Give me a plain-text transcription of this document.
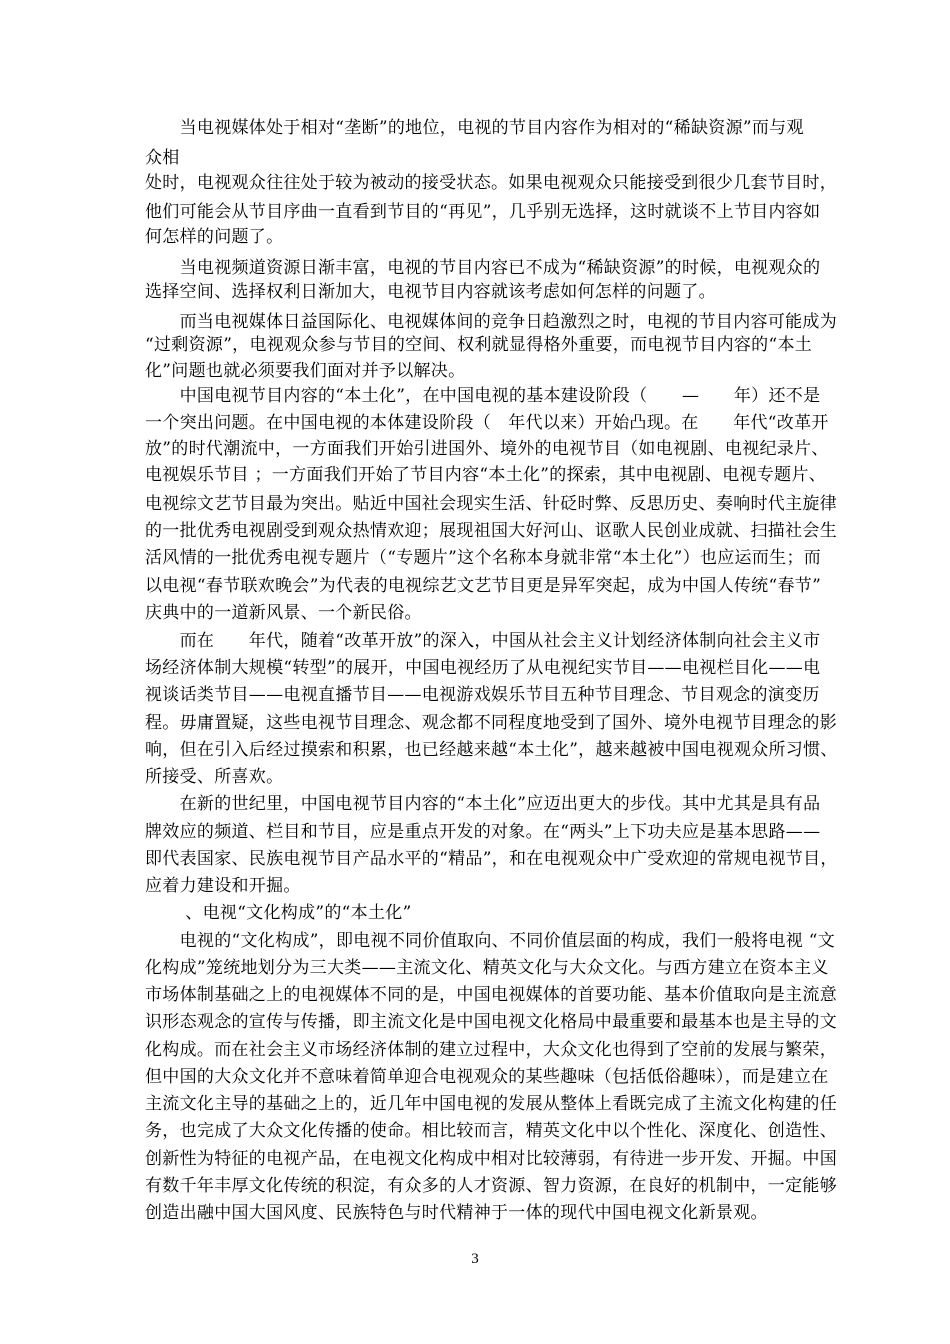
　　当电视媒体处于相对“垄断”的地位，电视的节目内容作为相对的“稀缺资源”而与观
众相
处时，电视观众往往处于较为被动的接受状态。如果电视观众只能接受到很少几套节目时，
他们可能会从节目序曲一直看到节目的“再见”，几乎别无选择，这时就谈不上节目内容如
何怎样的问题了。
　　当电视频道资源日渐丰富，电视的节目内容已不成为“稀缺资源”的时候，电视观众的
选择空间、选择权利日渐加大，电视节目内容就该考虑如何怎样的问题了。
　　而当电视媒体日益国际化、电视媒体间的竞争日趋激烈之时，电视的节目内容可能成为
“过剩资源”，电视观众参与节目的空间、权利就显得格外重要，而电视节目内容的“本土
化”问题也就必须要我们面对并予以解决。
　　中国电视节目内容的“本土化”，在中国电视的基本建设阶段（　　—　　年）还不是
一个突出问题。在中国电视的本体建设阶段（　年代以来）开始凸现。在　　年代“改革开
放”的时代潮流中，一方面我们开始引进国外、境外的电视节目（如电视剧、电视纪录片、
电视娱乐节目 ；一方面我们开始了节目内容“本土化”的探索，其中电视剧、电视专题片、
电视综文艺节目最为突出。贴近中国社会现实生活、针砭时弊、反思历史、奏响时代主旋律
的一批优秀电视剧受到观众热情欢迎；展现祖国大好河山、讴歌人民创业成就、扫描社会生
活风情的一批优秀电视专题片（“专题片”这个名称本身就非常“本土化”）也应运而生；而
以电视“春节联欢晚会”为代表的电视综艺文艺节目更是异军突起，成为中国人传统“春节”
庆典中的一道新风景、一个新民俗。
　　而在　　年代，随着“改革开放”的深入，中国从社会主义计划经济体制向社会主义市
场经济体制大规模“转型”的展开，中国电视经历了从电视纪实节目——电视栏目化——电
视谈话类节目——电视直播节目——电视游戏娱乐节目五种节目理念、节目观念的演变历
程。毋庸置疑，这些电视节目理念、观念都不同程度地受到了国外、境外电视节目理念的影
响，但在引入后经过摸索和积累，也已经越来越“本土化”，越来越被中国电视观众所习惯、
所接受、所喜欢。
　　在新的世纪里，中国电视节目内容的“本土化”应迈出更大的步伐。其中尤其是具有品
牌效应的频道、栏目和节目，应是重点开发的对象。在“两头”上下功夫应是基本思路——
即代表国家、民族电视节目产品水平的“精品”，和在电视观众中广受欢迎的常规电视节目，
应着力建设和开掘。
　　 、电视“文化构成”的“本土化”
　　电视的“文化构成”，即电视不同价值取向、不同价值层面的构成，我们一般将电视 “文
化构成”笼统地划分为三大类——主流文化、精英文化与大众文化。与西方建立在资本主义
市场体制基础之上的电视媒体不同的是，中国电视媒体的首要功能、基本价值取向是主流意
识形态观念的宣传与传播，即主流文化是中国电视文化格局中最重要和最基本也是主导的文
化构成。而在社会主义市场经济体制的建立过程中，大众文化也得到了空前的发展与繁荣，
但中国的大众文化并不意味着简单迎合电视观众的某些趣味（包括低俗趣味），而是建立在
主流文化主导的基础之上的，近几年中国电视的发展从整体上看既完成了主流文化构建的任
务，也完成了大众文化传播的使命。相比较而言，精英文化中以个性化、深度化、创造性、
创新性为特征的电视产品，在电视文化构成中相对比较薄弱，有待进一步开发、开掘。中国
有数千年丰厚文化传统的积淀，有众多的人才资源、智力资源，在良好的机制中，一定能够
创造出融中国大国风度、民族特色与时代精神于一体的现代中国电视文化新景观。
3
